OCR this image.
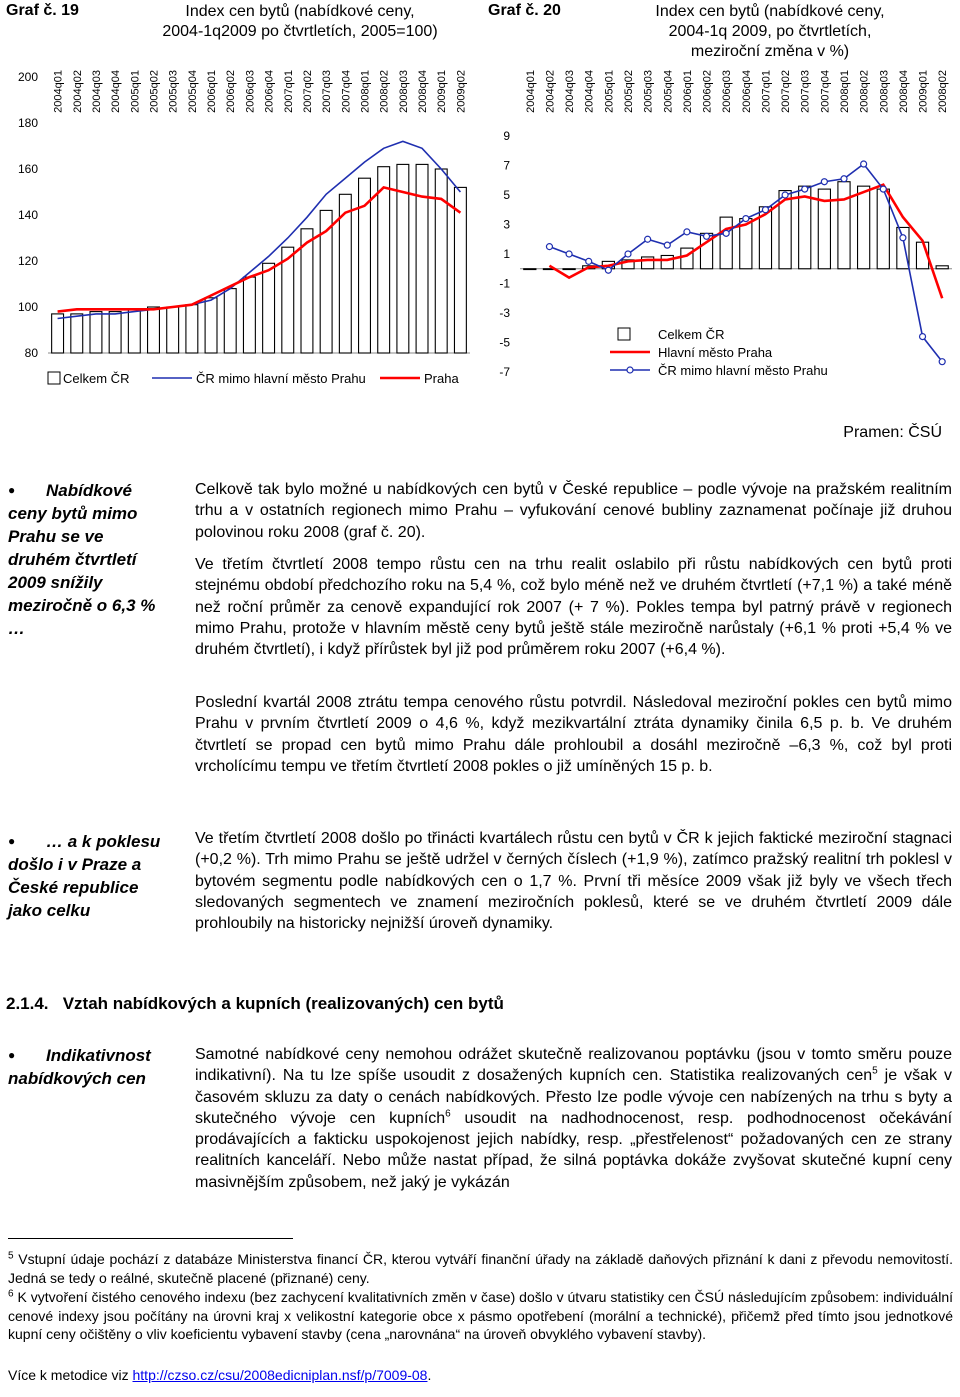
Graf č. 19	Index cen bytů (nabídkové ceny,
2004-1q2009 po čtvrtletích, 2005=100)
80
100
120
140
160
180
200 2004q01 2004q02 2004q03 2004q04 2005q01 2005q02 2005q03 2005q04 2006q01 2006q02 2006q03 2006q04 2007q01 2007q02 2007q03 2007q04 2008q01 2008q02 2008q03 2008q04 2009q01 2009q02
Celkem ČR	ČR mimo hlavní město Prahu	Praha
Graf č. 20	Index cen bytů (nabídkové ceny,
2004-1q 2009, po čtvrtletích,
meziroční změna v %)
-7
-5
-3
-1
1
3
5
7
9
2004q01 2004q02 2004q03 2004q04 2005q01 2005q02 2005q03 2005q04 2006q01 2006q02 2006q03 2006q04 2007q01 2007q02 2007q03 2007q04 2008q01 2008q02 2008q03 2008q04 2009q01 2008q02
Celkem ČR
Hlavní město Praha
ČR mimo hlavní město Prahu
Pramen: ČSÚ
●	Nabídkové
ceny bytů mimo
Prahu se ve
druhém čtvrtletí
2009 snížily
meziročně o 6,3 %
…

Celkově tak bylo možné u nabídkových cen bytů v České republice – podle vývoje na pražském realitním trhu a v ostatních regionech mimo Prahu – vyfukování cenové bubliny zaznamenat počínaje již druhou polovinou roku 2008 (graf č. 20).

Ve třetím čtvrtletí 2008 tempo růstu cen na trhu realit oslabilo při růstu nabídkových cen bytů proti stejnému období předchozího roku na 5,4 %, což bylo méně než ve druhém čtvrtletí (+7,1 %) a také méně než roční průměr za cenově expandující rok 2007 (+ 7 %). Pokles tempa byl patrný právě v regionech mimo Prahu, protože v hlavním městě ceny bytů ještě stále meziročně narůstaly (+6,1 % proti +5,4 % ve druhém čtvrtletí), i když přírůstek byl již pod průměrem roku 2007 (+6,4 %).

Poslední kvartál 2008 ztrátu tempa cenového růstu potvrdil. Následoval meziroční pokles cen bytů mimo Prahu v prvním čtvrtletí 2009 o 4,6 %, když mezikvartální ztráta dynamiky činila 6,5 p. b. Ve druhém čtvrtletí se propad cen bytů mimo Prahu dále prohloubil a dosáhl meziročně –6,3 %, což byl proti vrcholícímu tempu ve třetím čtvrtletí 2008 pokles o již umíněných 15 p. b.

●	… a k poklesu
došlo i v Praze a
České republice
jako celku

Ve třetím čtvrtletí 2008 došlo po třinácti kvartálech růstu cen bytů v ČR k jejich faktické meziroční stagnaci (+0,2 %). Trh mimo Prahu se ještě udržel v černých číslech (+1,9 %), zatímco pražský realitní trh poklesl v bytovém segmentu podle nabídkových cen o 1,7 %. První tři měsíce 2009 však již byly ve všech třech sledovaných segmentech ve znamení meziročních poklesů, které se ve druhém čtvrtletí 2009 dále prohloubily na historicky nejnižší úroveň dynamiky.

2.1.4.   Vztah nabídkových a kupních (realizovaných) cen bytů
●	Indikativnost
nabídkových cen

Samotné nabídkové ceny nemohou odrážet skutečně realizovanou poptávku (jsou v tomto směru pouze indikativní). Na tu lze spíše usoudit z dosažených kupních cen. Statistika realizovaných cen$^5$ je však v časovém skluzu za daty o cenách nabídkových. Přesto lze podle vývoje cen nabízených na trhu s byty a skutečného vývoje cen kupních$^6$ usoudit na nadhodnocenost, resp. podhodnocenost očekávání prodávajících a fakticku uspokojenost jejich nabídky, resp. „přestřelenost“ požadovaných cen ze strany realitních kanceláří. Nebo může nastat případ, že silná poptávka dokáže zvyšovat skutečné kupní ceny masivnějším způsobem, než jaký je vykázán

$^5$ Vstupní údaje pochází z databáze Ministerstva financí ČR, kterou vytváří finanční úřady na základě daňových přiznání k dani z převodu nemovitostí. Jedná se tedy o reálné, skutečně placené (přiznané) ceny.

$^6$ K vytvoření čistého cenového indexu (bez zachycení kvalitativních změn v čase) došlo v útvaru statistiky cen ČSÚ následujícím způsobem: individuální cenové indexy jsou počítány na úrovni kraj x velikostní kategorie obce x pásmo opotřebení (morální a technické), přičemž před tímto jsou jednotkové kupní ceny očištěny o vliv koeficientu vybavení stavby (cena „narovnána“ na úroveň obvyklého vybavení stavby).

Více k metodice viz http://czso.cz/csu/2008edicniplan.nsf/p/7009-08.
